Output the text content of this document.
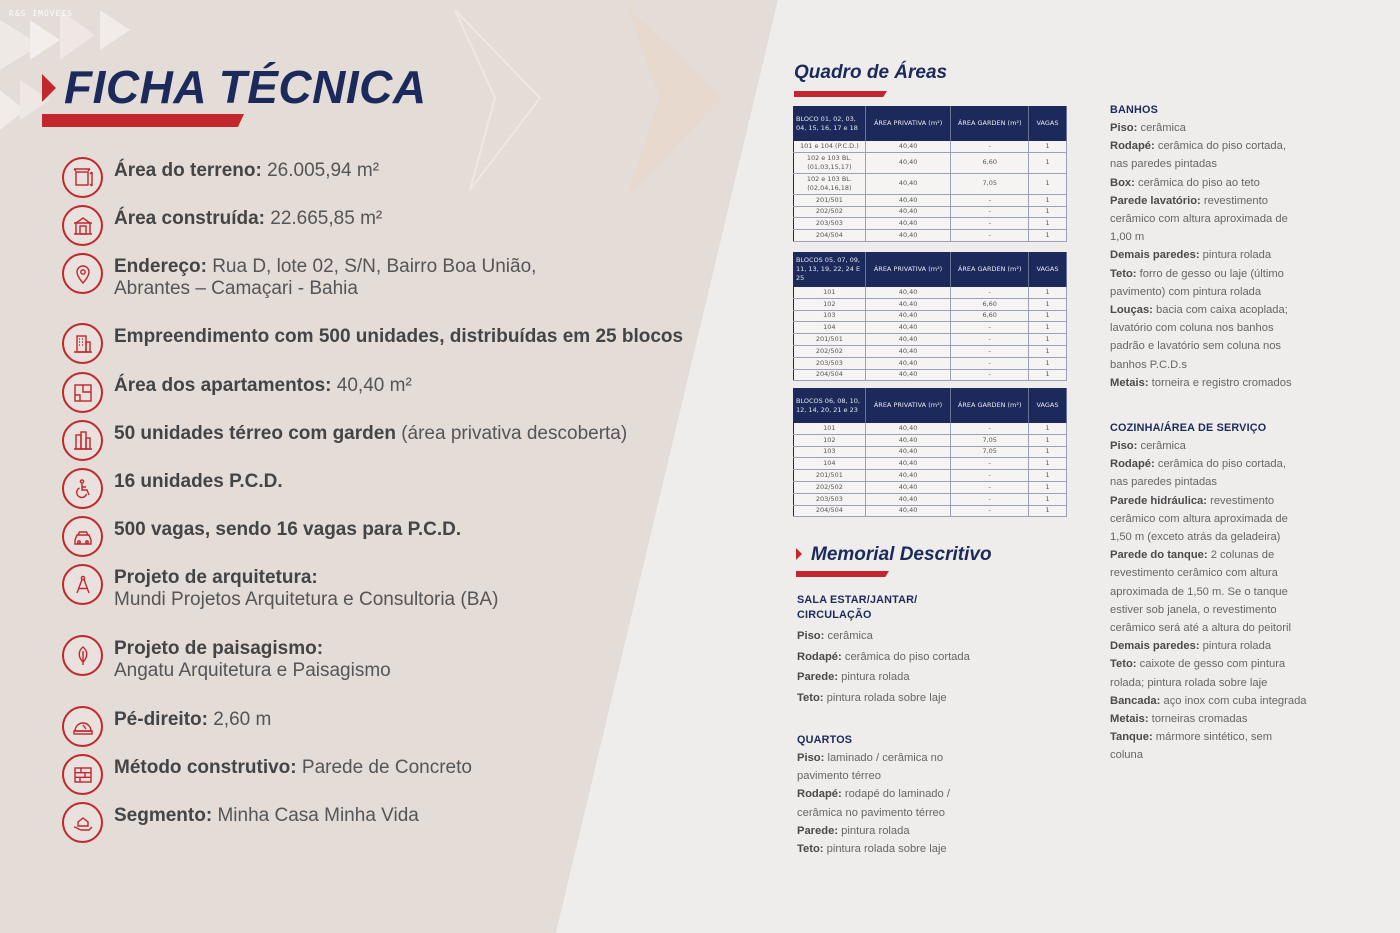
R&S IMÓVEIS
FICHA TÉCNICA
Área do terreno: 26.005,94 m²
Área construída: 22.665,85 m²
Endereço: Rua D, lote 02, S/N, Bairro Boa União,
Abrantes – Camaçari - Bahia
Empreendimento com 500 unidades, distribuídas em 25 blocos
Área dos apartamentos: 40,40 m²
50 unidades térreo com garden (área privativa descoberta)
16 unidades P.C.D.
500 vagas, sendo 16 vagas para P.C.D.
Projeto de arquitetura:
Mundi Projetos Arquitetura e Consultoria (BA)
Projeto de paisagismo:
Angatu Arquitetura e Paisagismo
Pé-direito: 2,60 m
Método construtivo: Parede de Concreto
Segmento: Minha Casa Minha Vida
Quadro de Áreas
BLOCO 01, 02, 03, 04, 15, 16, 17 e 18	ÁREA PRIVATIVA (m²)	ÁREA GARDEN (m²)	VAGAS
101 e 104 (P.C.D.)	40,40	-	1
102 e 103 BL. (01,03,15,17)	40,40	6,60	1
102 e 103 BL. (02,04,16,18)	40,40	7,05	1
201/501	40,40	-	1
202/502	40,40	-	1
203/503	40,40	-	1
204/504	40,40	-	1
BLOCOS 05, 07, 09, 11, 13, 19, 22, 24 E 25	ÁREA PRIVATIVA (m²)	ÁREA GARDEN (m²)	VAGAS
101	40,40	-	1
102	40,40	6,60	1
103	40,40	6,60	1
104	40,40	-	1
201/501	40,40	-	1
202/502	40,40	-	1
203/503	40,40	-	1
204/504	40,40	-	1
BLOCOS 06, 08, 10, 12, 14, 20, 21 e 23	ÁREA PRIVATIVA (m²)	ÁREA GARDEN (m²)	VAGAS
101	40,40	-	1
102	40,40	7,05	1
103	40,40	7,05	1
104	40,40	-	1
201/501	40,40	-	1
202/502	40,40	-	1
203/503	40,40	-	1
204/504	40,40	-	1
Memorial Descritivo

SALA ESTAR/JANTAR/

CIRCULAÇÃO

Piso: cerâmica

Rodapé: cerâmica do piso cortada

Parede: pintura rolada

Teto: pintura rolada sobre laje

QUARTOS

Piso: laminado / cerâmica no

pavimento térreo

Rodapé: rodapé do laminado /

cerâmica no pavimento térreo

Parede: pintura rolada

Teto: pintura rolada sobre laje

BANHOS

Piso: cerâmica

Rodapé: cerâmica do piso cortada,

nas paredes pintadas

Box: cerâmica do piso ao teto

Parede lavatório: revestimento

cerâmico com altura aproximada de

1,00 m

Demais paredes: pintura rolada

Teto: forro de gesso ou laje (último

pavimento) com pintura rolada

Louças: bacia com caixa acoplada;

lavatório com coluna nos banhos

padrão e lavatório sem coluna nos

banhos P.C.D.s

Metais: torneira e registro cromados

COZINHA/ÁREA DE SERVIÇO

Piso: cerâmica

Rodapé: cerâmica do piso cortada,

nas paredes pintadas

Parede hidráulica: revestimento

cerâmico com altura aproximada de

1,50 m (exceto atrás da geladeira)

Parede do tanque: 2 colunas de

revestimento cerâmico com altura

aproximada de 1,50 m. Se o tanque

estiver sob janela, o revestimento

cerâmico será até a altura do peitoril

Demais paredes: pintura rolada

Teto: caixote de gesso com pintura

rolada; pintura rolada sobre laje

Bancada: aço inox com cuba integrada

Metais: torneiras cromadas

Tanque: mármore sintético, sem

coluna
